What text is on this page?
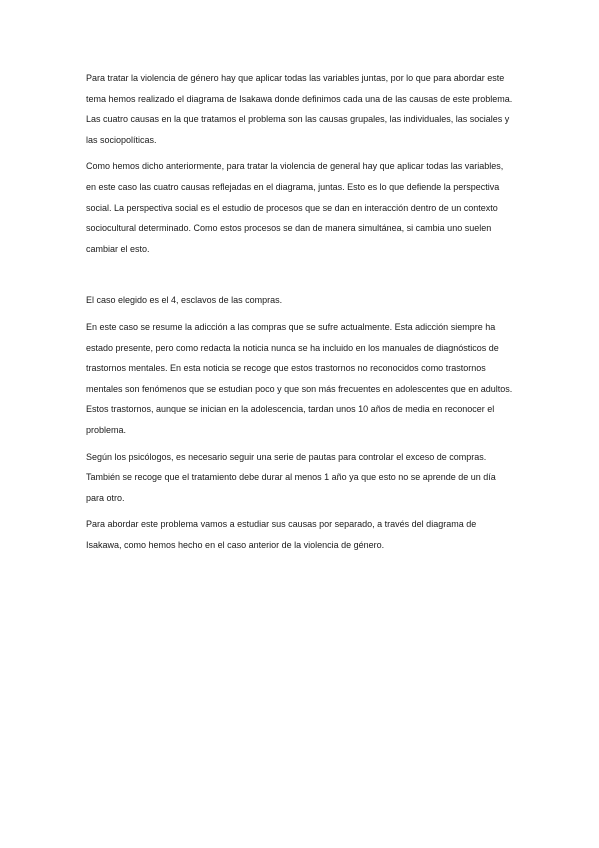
Para tratar la violencia de género hay que aplicar todas las variables juntas, por lo que para abordar este tema hemos realizado el diagrama de Isakawa donde definimos cada una de las causas de este problema. Las cuatro causas en la que tratamos el problema son las causas grupales, las individuales, las sociales y las sociopolíticas.

Como hemos dicho anteriormente, para tratar la violencia de general hay que aplicar todas las variables, en este caso las cuatro causas reflejadas en el diagrama, juntas. Esto es lo que defiende la perspectiva social. La perspectiva social es el estudio de procesos que se dan en interacción dentro de un contexto sociocultural determinado. Como estos procesos se dan de manera simultánea, si cambia uno suelen cambiar el esto.

El caso elegido es el 4, esclavos de las compras.

En este caso se resume la adicción a las compras que se sufre actualmente. Esta adicción siempre ha estado presente, pero como redacta la noticia nunca se ha incluido en los manuales de diagnósticos de trastornos mentales. En esta noticia se recoge que estos trastornos no reconocidos como trastornos mentales son fenómenos que se estudian poco y que son más frecuentes en adolescentes que en adultos. Estos trastornos, aunque se inician en la adolescencia, tardan unos 10 años de media en reconocer el problema.

Según los psicólogos, es necesario seguir una serie de pautas para controlar el exceso de compras. También se recoge que el tratamiento debe durar al menos 1 año ya que esto no se aprende de un día para otro.

Para abordar este problema vamos a estudiar sus causas por separado, a través del diagrama de Isakawa, como hemos hecho en el caso anterior de la violencia de género.
